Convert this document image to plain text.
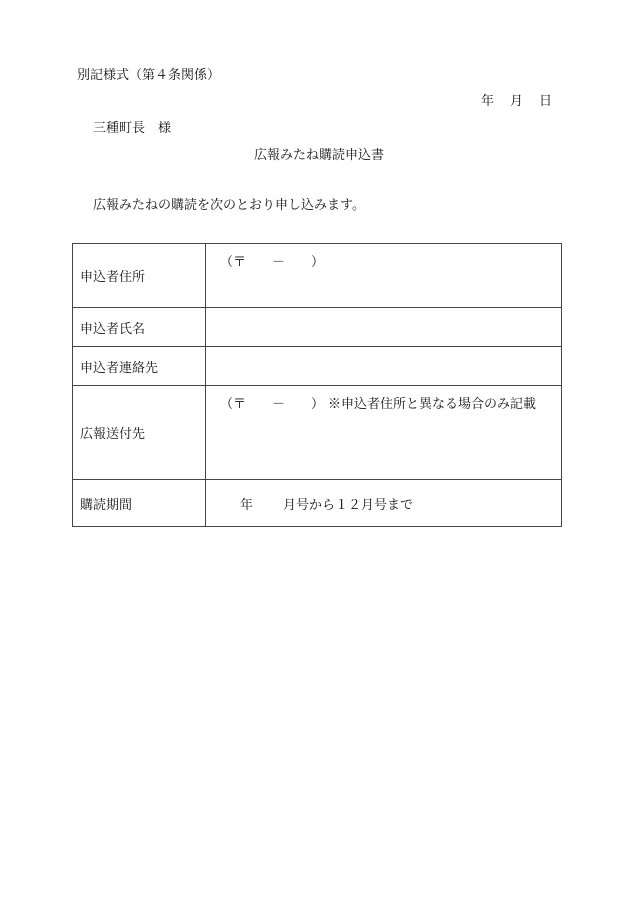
別記様式（第４条関係）
年 月 日
三種町長　様
広報みたね購読申込書
広報みたねの購読を次のとおり申し込みます。
申込者住所	（〒 － ）

申込者氏名	
申込者連絡先	
広報送付先	（〒 － ） ※申込者住所と異なる場合のみ記載

購読期間	年 月号から１２月号まで
